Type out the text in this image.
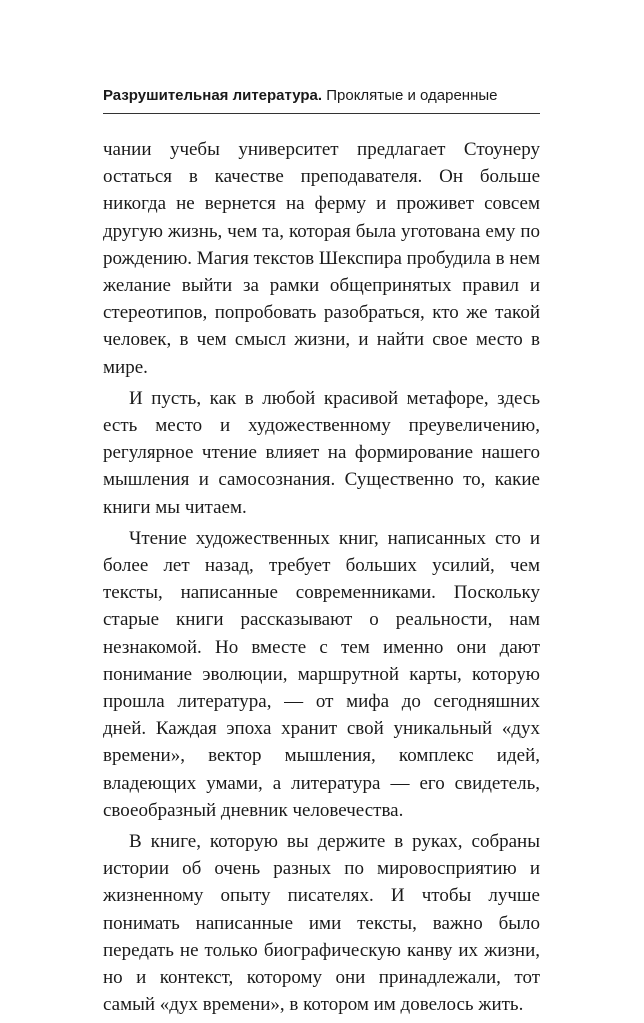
Разрушительная литература. Проклятые и одаренные

чании учебы университет предлагает Стоунеру остаться в качестве преподавателя. Он больше никогда не вернется на ферму и проживет совсем другую жизнь, чем та, которая была уготована ему по рождению. Магия текстов Шекспира пробудила в нем желание выйти за рамки общепринятых правил и стереотипов, попробовать разобраться, кто же такой человек, в чем смысл жизни, и найти свое место в мире.

И пусть, как в любой красивой метафоре, здесь есть место и художественному преувеличению, регулярное чтение влияет на формирование нашего мышления и самосознания. Существенно то, какие книги мы читаем.

Чтение художественных книг, написанных сто и более лет назад, требует больших усилий, чем тексты, написанные современниками. Поскольку старые книги рассказывают о реальности, нам незнакомой. Но вместе с тем именно они дают понимание эволюции, маршрутной карты, которую прошла литература, — от мифа до сегодняшних дней. Каждая эпоха хранит свой уникальный «дух времени», вектор мышления, комплекс идей, владеющих умами, а литература — его свидетель, своеобразный дневник человечества.

В книге, которую вы держите в руках, собраны истории об очень разных по мировосприятию и жизненному опыту писателях. И чтобы лучше понимать написанные ими тексты, важно было передать не только биографическую канву их жизни, но и контекст, которому они принадлежали, тот самый «дух времени», в котором им довелось жить.
